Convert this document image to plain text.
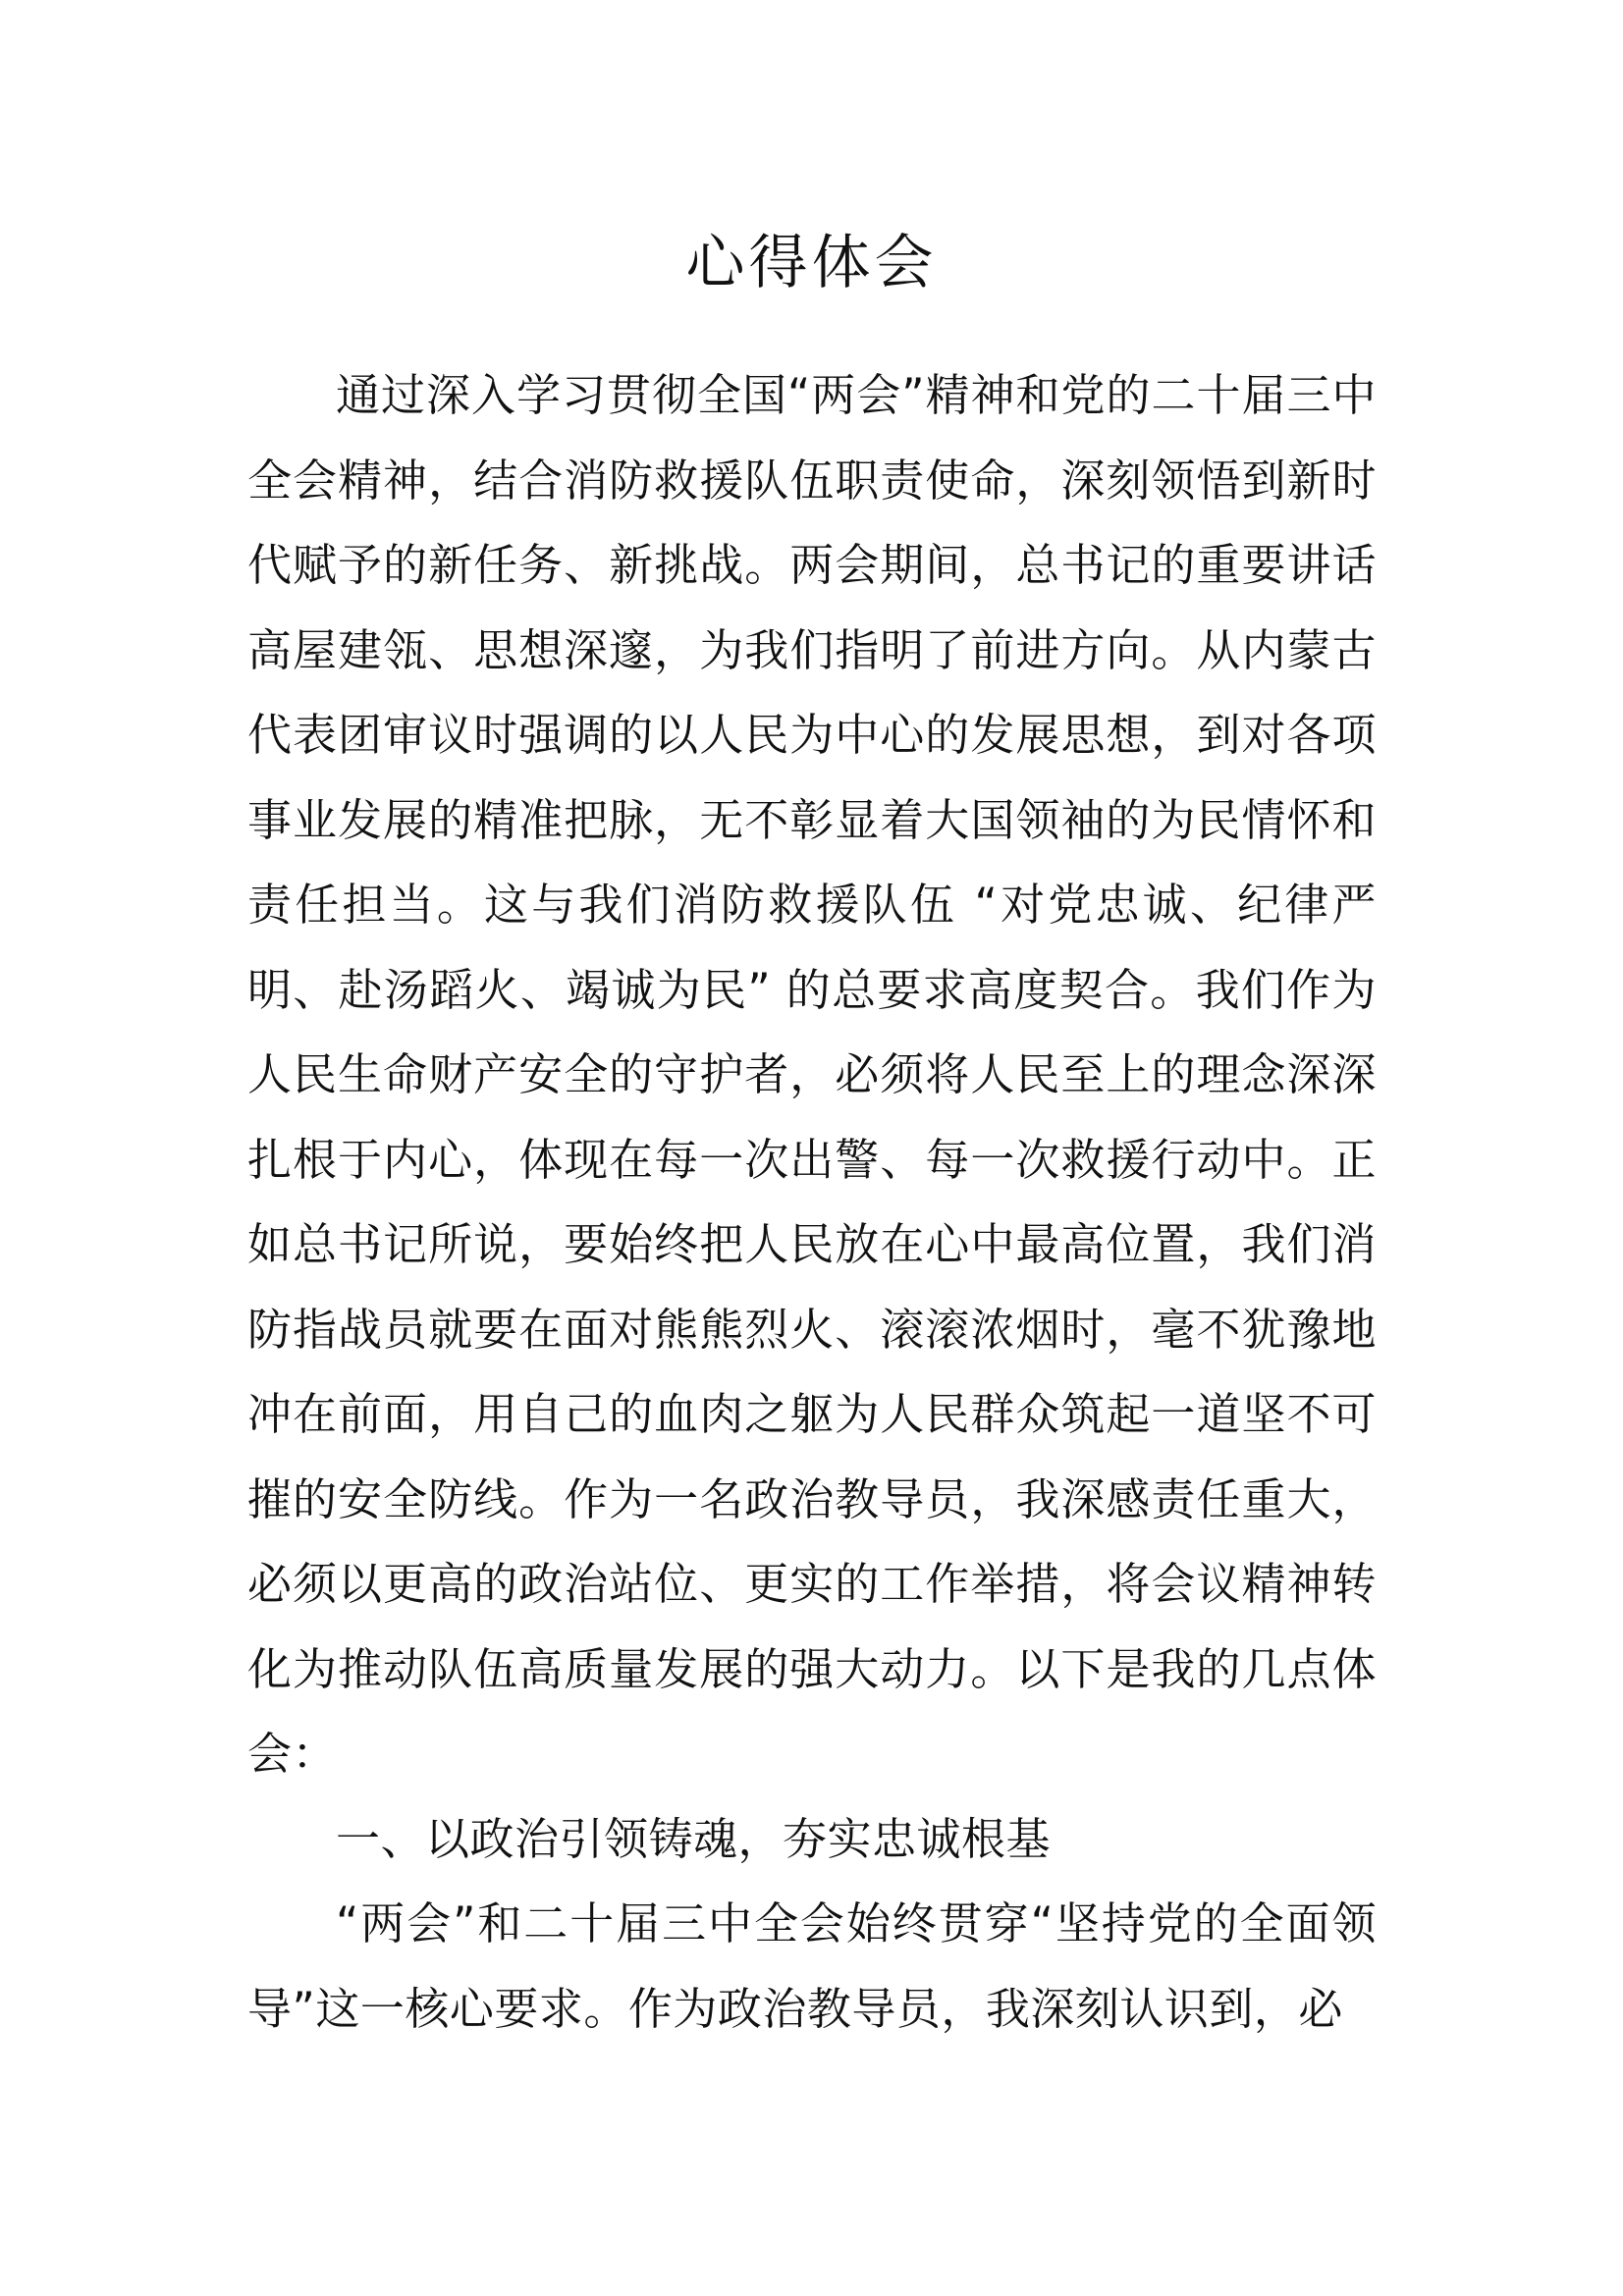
心得体会

通过深入学习贯彻全国“两会”精神和党的二十届三中全会精神，结合消防救援队伍职责使命，深刻领悟到新时代赋予的新任务、新挑战。两会期间，总书记的重要讲话高屋建瓴、思想深邃，为我们指明了前进方向。从内蒙古代表团审议时强调的以人民为中心的发展思想，到对各项事业发展的精准把脉，无不彰显着大国领袖的为民情怀和责任担当。这与我们消防救援队伍 “对党忠诚、纪律严明、赴汤蹈火、竭诚为民” 的总要求高度契合。我们作为人民生命财产安全的守护者，必须将人民至上的理念深深扎根于内心，体现在每一次出警、每一次救援行动中。正如总书记所说，要始终把人民放在心中最高位置，我们消防指战员就要在面对熊熊烈火、滚滚浓烟时，毫不犹豫地冲在前面，用自己的血肉之躯为人民群众筑起一道坚不可摧的安全防线。作为一名政治教导员，我深感责任重大，必须以更高的政治站位、更实的工作举措，将会议精神转化为推动队伍高质量发展的强大动力。以下是我的几点体会：

一、以政治引领铸魂，夯实忠诚根基

“两会”和二十届三中全会始终贯穿“坚持党的全面领导”这一核心要求。作为政治教导员，我深刻认识到，必
